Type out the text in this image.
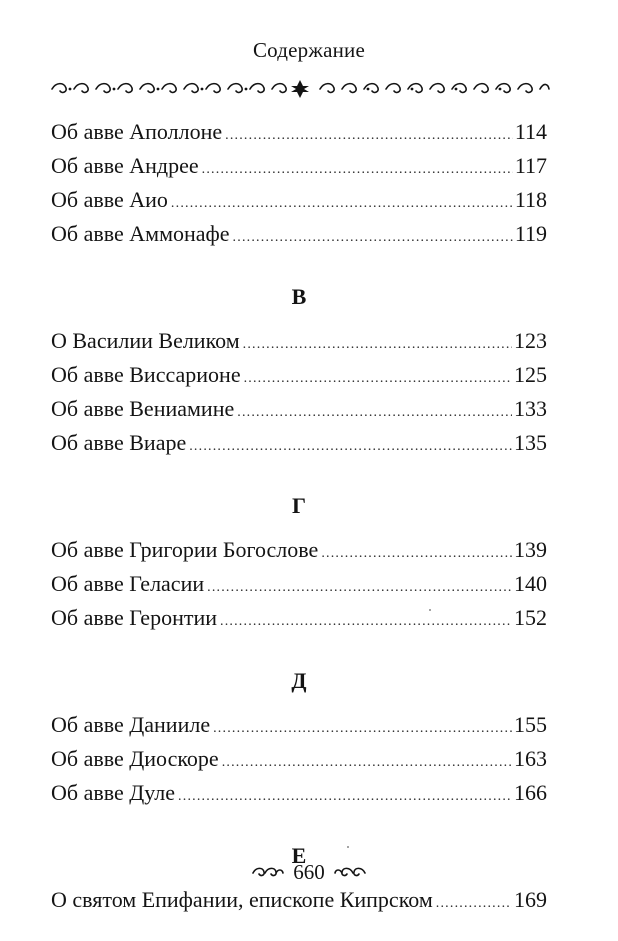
Содержание
Об авве Аполлоне .....	114
Об авве Андрее .....	117
Об авве Аио .....	118
Об авве Аммонафе .....	119
В
О Василии Великом .....	123
Об авве Виссарионе .....	125
Об авве Вениамине .....	133
Об авве Виаре .....	135
Г
Об авве Григории Богослове .....	139
Об авве Геласии .....	140
Об авве Геронтии .....	152
Д
Об авве Данииле .....	155
Об авве Диоскоре .....	163
Об авве Дуле .....	166
Е
О святом Епифании, епископе Кипрском .....	169
660
